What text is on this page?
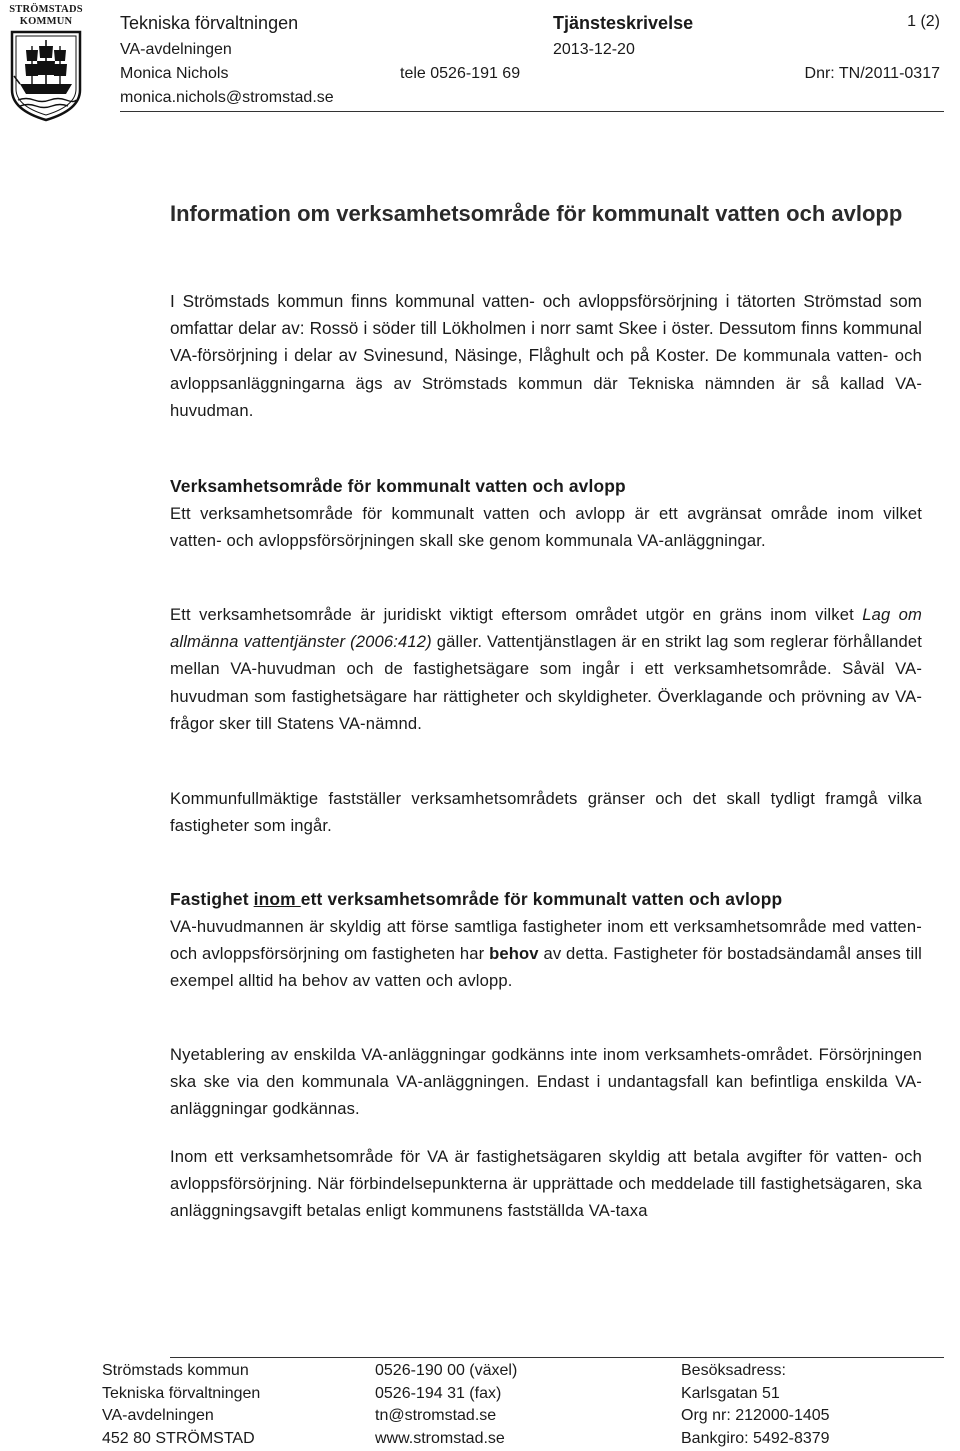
STRÖMSTADS KOMMUN	Tekniska förvaltningen
VA-avdelningen
Monica Nichols
monica.nichols@stromstad.se
Tjänsteskrivelse
2013-12-20
tele 0526-191 69
1 (2)
Dnr: TN/2011-0317
Information om verksamhetsområde för kommunalt vatten och avlopp

I Strömstads kommun finns kommunal vatten- och avloppsförsörjning i tätorten Strömstad som omfattar delar av: Rossö i söder till Lökholmen i norr samt Skee i öster. Dessutom finns kommunal VA-försörjning i delar av Svinesund, Näsinge, Flåghult och på Koster. De kommunala vatten- och avloppsanläggningarna ägs av Strömstads kommun där Tekniska nämnden är så kallad VA-huvudman.

Verksamhetsområde för kommunalt vatten och avlopp

Ett verksamhetsområde för kommunalt vatten och avlopp är ett avgränsat område inom vilket vatten- och avloppsförsörjningen skall ske genom kommunala VA-anläggningar.

Ett verksamhetsområde är juridiskt viktigt eftersom området utgör en gräns inom vilket Lag om allmänna vattentjänster (2006:412) gäller. Vattentjänstlagen är en strikt lag som reglerar förhållandet mellan VA-huvudman och de fastighetsägare som ingår i ett verksamhetsområde. Såväl VA-huvudman som fastighetsägare har rättigheter och skyldigheter. Överklagande och prövning av VA-frågor sker till Statens VA-nämnd.

Kommunfullmäktige fastställer verksamhetsområdets gränser och det skall tydligt framgå vilka fastigheter som ingår.

Fastighet inom ett verksamhetsområde för kommunalt vatten och avlopp

VA-huvudmannen är skyldig att förse samtliga fastigheter inom ett verksamhetsområde med vatten- och avloppsförsörjning om fastigheten har behov av detta. Fastigheter för bostadsändamål anses till exempel alltid ha behov av vatten och avlopp.

Nyetablering av enskilda VA-anläggningar godkänns inte inom verksamhets-området. Försörjningen ska ske via den kommunala VA-anläggningen. Endast i undantagsfall kan befintliga enskilda VA-anläggningar godkännas.

Inom ett verksamhetsområde för VA är fastighetsägaren skyldig att betala avgifter för vatten- och avloppsförsörjning. När förbindelsepunkterna är upprättade och meddelade till fastighetsägaren, ska anläggningsavgift betalas enligt kommunens fastställda VA-taxa

Strömstads kommun
Tekniska förvaltningen
VA-avdelningen
452 80 STRÖMSTAD
0526-190 00 (växel)
0526-194 31 (fax)
tn@stromstad.se
www.stromstad.se
Besöksadress:
Karlsgatan 51
Org nr: 212000-1405
Bankgiro: 5492-8379
